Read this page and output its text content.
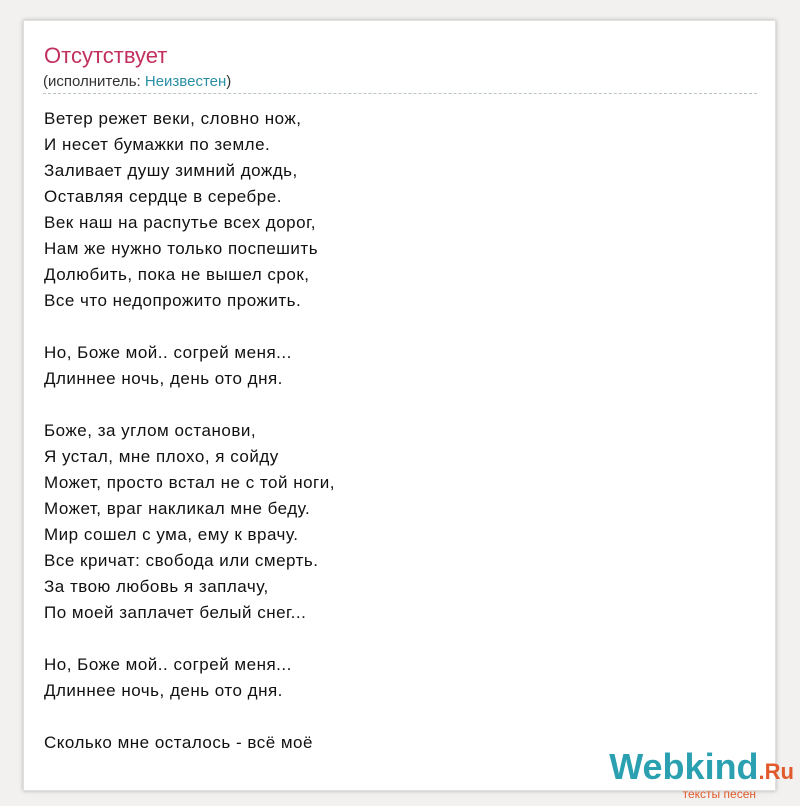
Отсутствует
(исполнитель: Неизвестен)
Ветер режет веки, словно нож,
И несет бумажки по земле.
Заливает душу зимний дождь,
Оставляя сердце в серебре.
Век наш на распутье всех дорог,
Нам же нужно только поспешить
Долюбить, пока не вышел срок,
Все что недопрожито прожить.
Но, Боже мой.. согрей меня...
Длиннее ночь, день ото дня.
Боже, за углом останови,
Я устал, мне плохо, я сойду
Может, просто встал не с той ноги,
Может, враг накликал мне беду.
Мир сошел с ума, ему к врачу.
Все кричат: свобода или смерть.
За твою любовь я заплачу,
По моей заплачет белый снег...
Но, Боже мой.. согрей меня...
Длиннее ночь, день ото дня.
Сколько мне осталось - всё моё
Webkind.Ru
тексты песен
